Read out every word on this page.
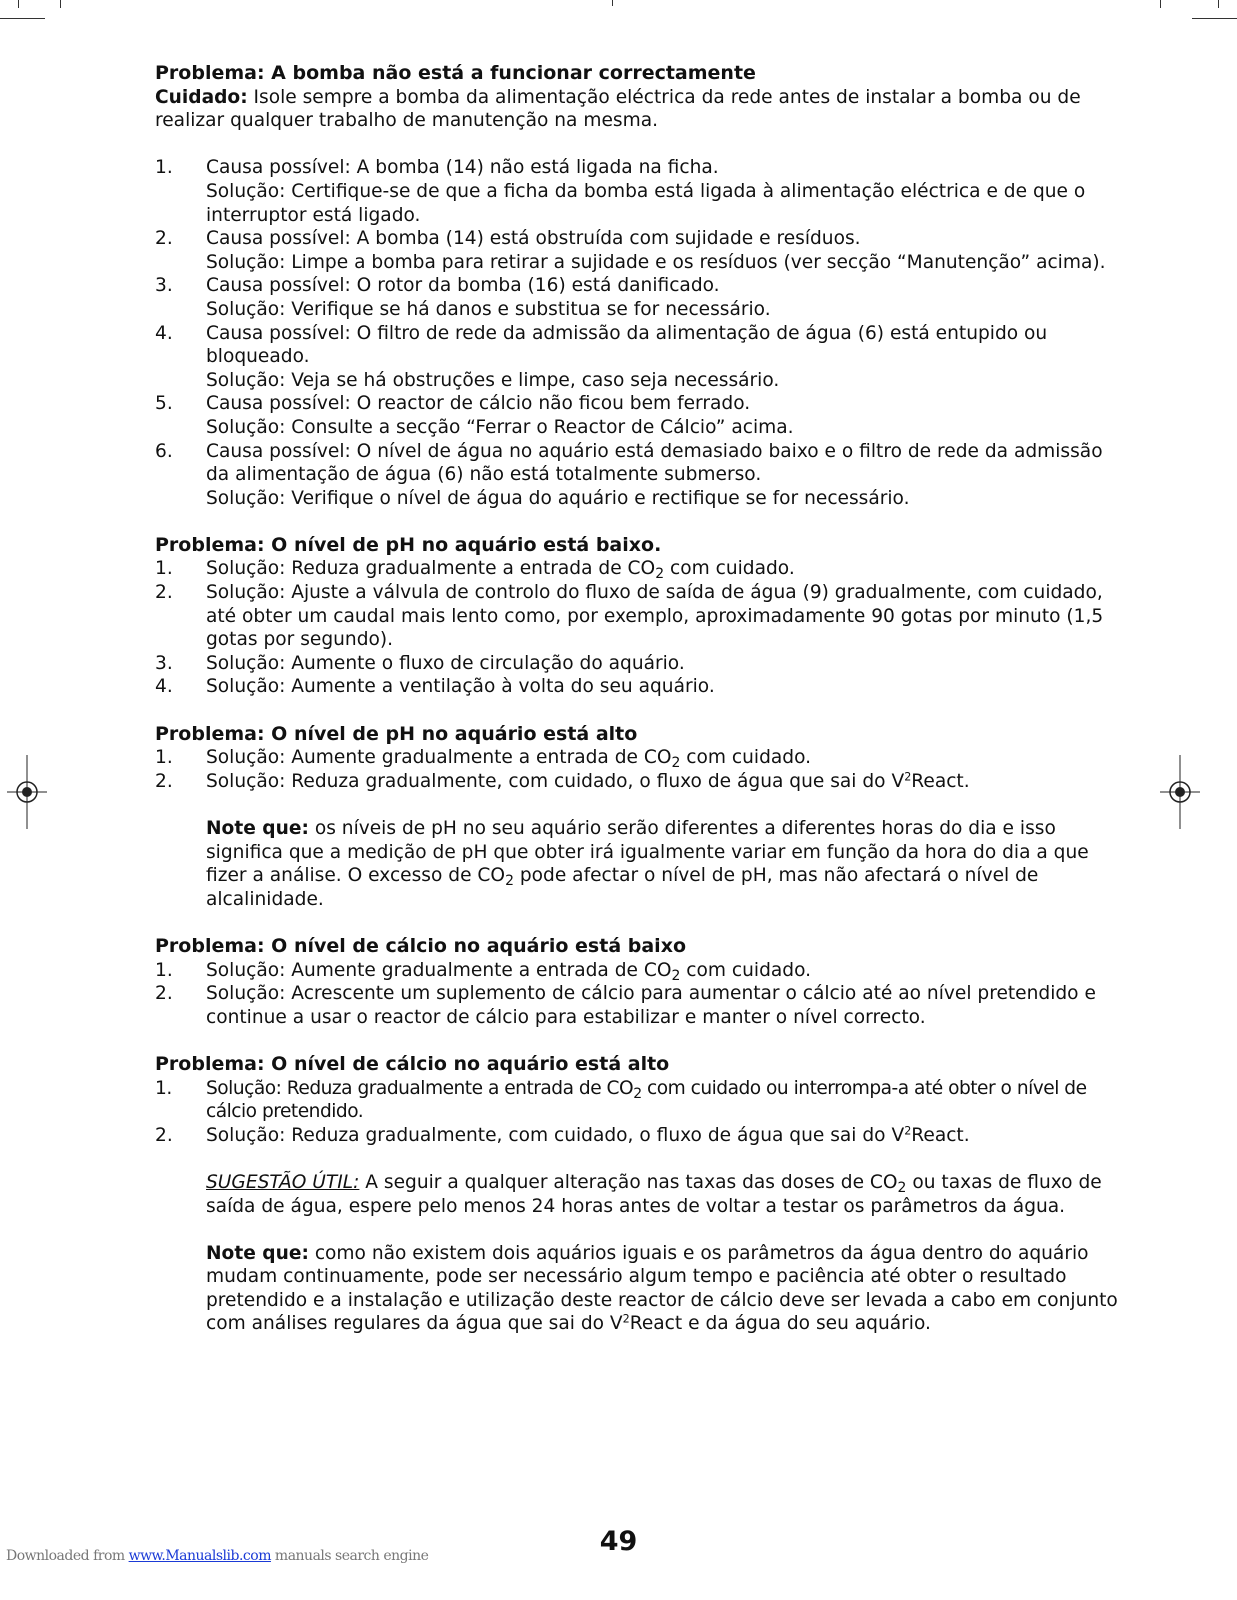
Problema: A bomba não está a funcionar correctamente

Cuidado: Isole sempre a bomba da alimentação eléctrica da rede antes de instalar a bomba ou de realizar qualquer trabalho de manutenção na mesma.

1. Causa possível: A bomba (14) não está ligada na ficha.
Solução: Certifique-se de que a ficha da bomba está ligada à alimentação eléctrica e de que o interruptor está ligado.
2. Causa possível: A bomba (14) está obstruída com sujidade e resíduos.
Solução: Limpe a bomba para retirar a sujidade e os resíduos (ver secção “Manutenção” acima).
3. Causa possível: O rotor da bomba (16) está danificado.
Solução: Verifique se há danos e substitua se for necessário.
4. Causa possível: O filtro de rede da admissão da alimentação de água (6) está entupido ou bloqueado.
Solução: Veja se há obstruções e limpe, caso seja necessário.
5. Causa possível: O reactor de cálcio não ficou bem ferrado.
Solução: Consulte a secção “Ferrar o Reactor de Cálcio” acima.
6. Causa possível: O nível de água no aquário está demasiado baixo e o filtro de rede da admissão da alimentação de água (6) não está totalmente submerso.
Solução: Verifique o nível de água do aquário e rectifique se for necessário.

Problema: O nível de pH no aquário está baixo.

1. Solução: Reduza gradualmente a entrada de $CO_2$ com cuidado.
2. Solução: Ajuste a válvula de controlo do fluxo de saída de água (9) gradualmente, com cuidado, até obter um caudal mais lento como, por exemplo, aproximadamente 90 gotas por minuto (1,5 gotas por segundo).
3. Solução: Aumente o fluxo de circulação do aquário.
4. Solução: Aumente a ventilação à volta do seu aquário.

Problema: O nível de pH no aquário está alto

1. Solução: Aumente gradualmente a entrada de $CO_2$ com cuidado.
2. Solução: Reduza gradualmente, com cuidado, o fluxo de água que sai do $V^2React$.
Note que: os níveis de pH no seu aquário serão diferentes a diferentes horas do dia e isso significa que a medição de pH que obter irá igualmente variar em função da hora do dia a que fizer a análise. O excesso de $CO_2$ pode afectar o nível de pH, mas não afectará o nível de alcalinidade.

Problema: O nível de cálcio no aquário está baixo

1. Solução: Aumente gradualmente a entrada de $CO_2$ com cuidado.
2. Solução: Acrescente um suplemento de cálcio para aumentar o cálcio até ao nível pretendido e continue a usar o reactor de cálcio para estabilizar e manter o nível correcto.

Problema: O nível de cálcio no aquário está alto

1. Solução: Reduza gradualmente a entrada de $CO_2$ com cuidado ou interrompa-a até obter o nível de cálcio pretendido.
2. Solução: Reduza gradualmente, com cuidado, o fluxo de água que sai do $V^2React$.
SUGESTÃO ÚTIL: A seguir a qualquer alteração nas taxas das doses de $CO_2$ ou taxas de fluxo de saída de água, espere pelo menos 24 horas antes de voltar a testar os parâmetros da água.
Note que: como não existem dois aquários iguais e os parâmetros da água dentro do aquário mudam continuamente, pode ser necessário algum tempo e paciência até obter o resultado pretendido e a instalação e utilização deste reactor de cálcio deve ser levada a cabo em conjunto com análises regulares da água que sai do $V^2React$ e da água do seu aquário.
Downloaded from www.Manualslib.com manuals search engine	49
